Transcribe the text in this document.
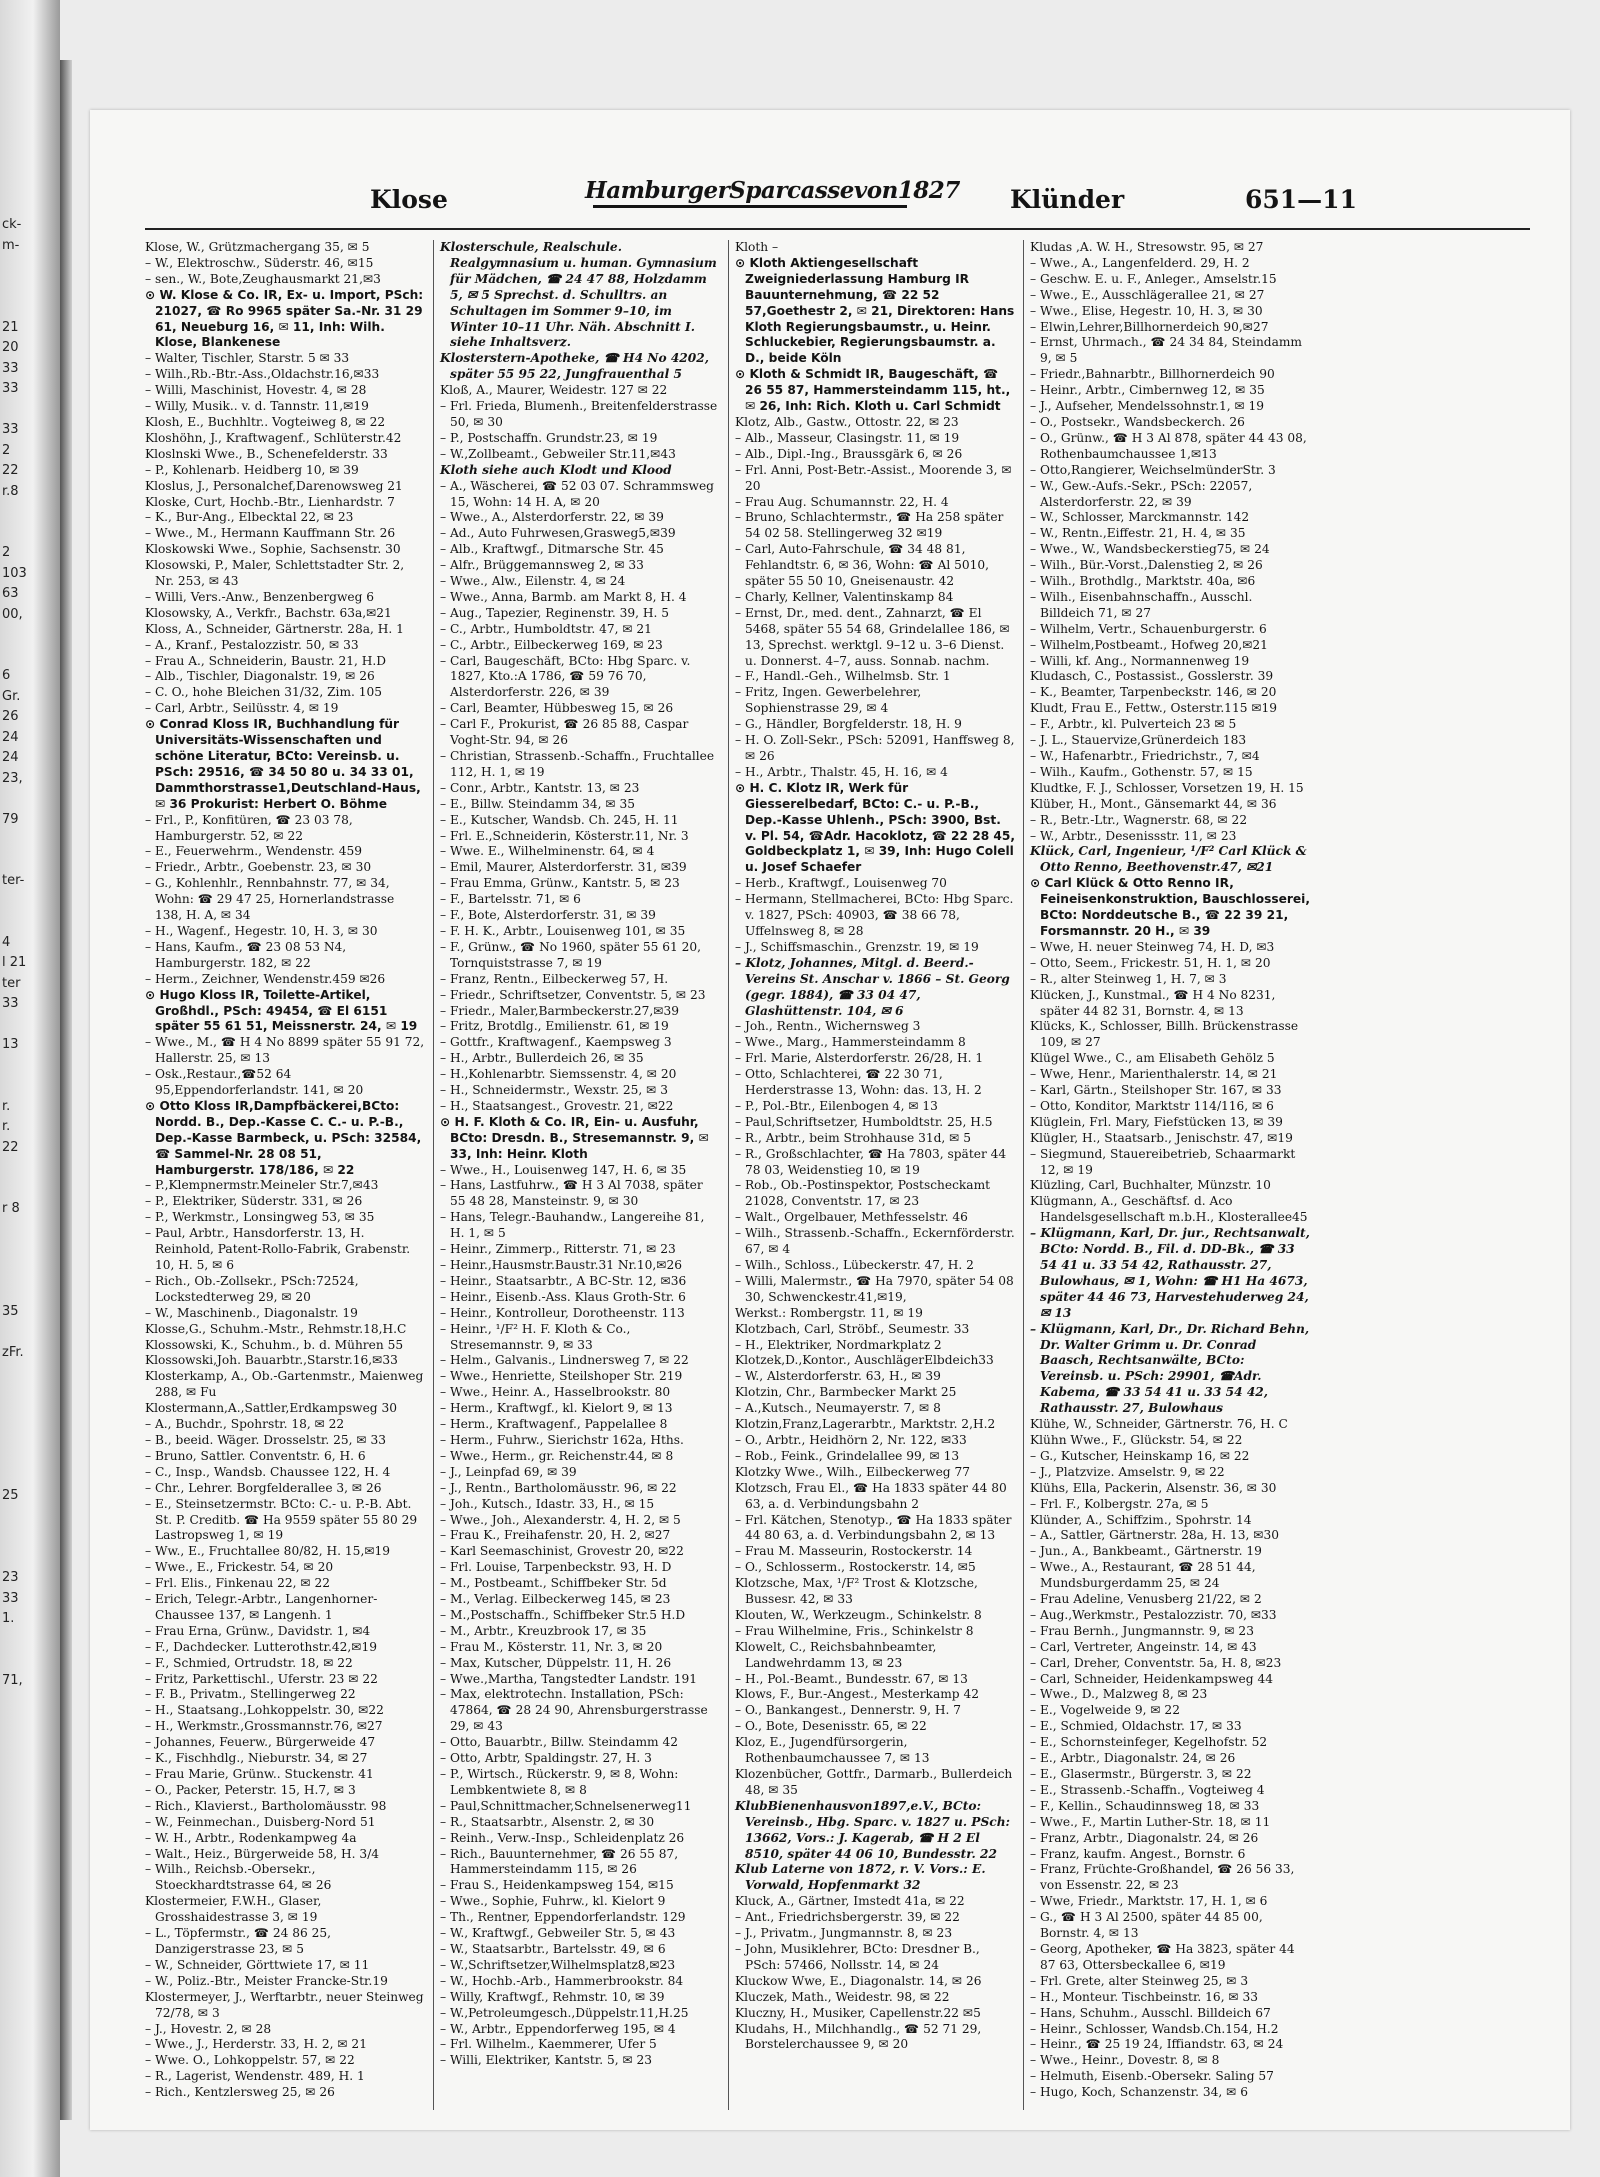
ck-
m-

21
20
33
33

33
2
22
r.8

2
103
63
00,

6
Gr.
26
24
24
23,

79

ter-

4
l 21
ter
33

13

r.
r.
22

r 8

35

zFr.

25

23
33
1.

71,
Klose	HamburgerSparcassevon1827 Klünder	651—11

Klose, W., Grützmachergang 35, ✉ 5

– W., Elektroschw., Süderstr. 46, ✉15

– sen., W., Bote,Zeughausmarkt 21,✉3

⊙ W. Klose & Co. IR, Ex- u. Import, PSch: 21027, ☎ Ro 9965 später Sa.-Nr. 31 29 61, Neueburg 16, ✉ 11, Inh: Wilh. Klose, Blankenese

– Walter, Tischler, Starstr. 5 ✉ 33

– Wilh.,Rb.-Btr.-Ass.,Oldachstr.16,✉33

– Willi, Maschinist, Hovestr. 4, ✉ 28

– Willy, Musik.. v. d. Tannstr. 11,✉19

Klosh, E., Buchhltr.. Vogteiweg 8, ✉ 22

Kloshöhn, J., Kraftwagenf., Schlüterstr.42

Kloslnski Wwe., B., Schenefelderstr. 33

– P., Kohlenarb. Heidberg 10, ✉ 39

Kloslus, J., Personalchef,Darenowsweg 21

Kloske, Curt, Hochb.-Btr., Lienhardstr. 7

– K., Bur-Ang., Elbecktal 22, ✉ 23

– Wwe., M., Hermann Kauffmann Str. 26

Kloskowski Wwe., Sophie, Sachsenstr. 30

Klosowski, P., Maler, Schlettstadter Str. 2, Nr. 253, ✉ 43

– Willi, Vers.-Anw., Benzenbergweg 6

Klosowsky, A., Verkfr., Bachstr. 63a,✉21

Kloss, A., Schneider, Gärtnerstr. 28a, H. 1

– A., Kranf., Pestalozzistr. 50, ✉ 33

– Frau A., Schneiderin, Baustr. 21, H.D

– Alb., Tischler, Diagonalstr. 19, ✉ 26

– C. O., hohe Bleichen 31/32, Zim. 105

– Carl, Arbtr., Seilüsstr. 4, ✉ 19

⊙ Conrad Kloss IR, Buchhandlung für Universitäts-Wissenschaften und schöne Literatur, BCto: Vereinsb. u. PSch: 29516, ☎ 34 50 80 u. 34 33 01, Dammthorstrasse1,Deutschland-Haus, ✉ 36 Prokurist: Herbert O. Böhme

– Frl., P., Konfitüren, ☎ 23 03 78, Hamburgerstr. 52, ✉ 22

– E., Feuerwehrm., Wendenstr. 459

– Friedr., Arbtr., Goebenstr. 23, ✉ 30

– G., Kohlenhlr., Rennbahnstr. 77, ✉ 34, Wohn: ☎ 29 47 25, Hornerlandstrasse 138, H. A, ✉ 34

– H., Wagenf., Hegestr. 10, H. 3, ✉ 30

– Hans, Kaufm., ☎ 23 08 53 N4, Hamburgerstr. 182, ✉ 22

– Herm., Zeichner, Wendenstr.459 ✉26

⊙ Hugo Kloss IR, Toilette-Artikel, Großhdl., PSch: 49454, ☎ El 6151 später 55 61 51, Meissnerstr. 24, ✉ 19

– Wwe., M., ☎ H 4 No 8899 später 55 91 72, Hallerstr. 25, ✉ 13

– Osk.,Restaur.,☎52 64 95,Eppendorferlandstr. 141, ✉ 20

⊙ Otto Kloss IR,Dampfbäckerei,BCto: Nordd. B., Dep.-Kasse C. C.- u. P.-B., Dep.-Kasse Barmbeck, u. PSch: 32584, ☎ Sammel-Nr. 28 08 51, Hamburgerstr. 178/186, ✉ 22

– P.,Klempnermstr.Meineler Str.7,✉43

– P., Elektriker, Süderstr. 331, ✉ 26

– P., Werkmstr., Lonsingweg 53, ✉ 35

– Paul, Arbtr., Hansdorferstr. 13, H. Reinhold, Patent-Rollo-Fabrik, Grabenstr. 10, H. 5, ✉ 6

– Rich., Ob.-Zollsekr., PSch:72524, Lockstedterweg 29, ✉ 20

– W., Maschinenb., Diagonalstr. 19

Klosse,G., Schuhm.-Mstr., Rehmstr.18,H.C

Klossowski, K., Schuhm., b. d. Mühren 55

Klossowski,Joh. Bauarbtr.,Starstr.16,✉33

Klosterkamp, A., Ob.-Gartenmstr., Maienweg 288, ✉ Fu

Klostermann,A.,Sattler,Erdkampsweg 30

– A., Buchdr., Spohrstr. 18, ✉ 22

– B., beeid. Wäger. Drosselstr. 25, ✉ 33

– Bruno, Sattler. Conventstr. 6, H. 6

– C., Insp., Wandsb. Chaussee 122, H. 4

– Chr., Lehrer. Borgfelderallee 3, ✉ 26

– E., Steinsetzermstr. BCto: C.- u. P.-B. Abt. St. P. Creditb. ☎ Ha 9559 später 55 80 29 Lastropsweg 1, ✉ 19

– Ww., E., Fruchtallee 80/82, H. 15,✉19

– Wwe., E., Frickestr. 54, ✉ 20

– Frl. Elis., Finkenau 22, ✉ 22

– Erich, Telegr.-Arbtr., Langenhorner-Chaussee 137, ✉ Langenh. 1

– Frau Erna, Grünw., Davidstr. 1, ✉4

– F., Dachdecker. Lutterothstr.42,✉19

– F., Schmied, Ortrudstr. 18, ✉ 22

– Fritz, Parkettischl., Uferstr. 23 ✉ 22

– F. B., Privatm., Stellingerweg 22

– H., Staatsang.,Lohkoppelstr. 30, ✉22

– H., Werkmstr.,Grossmannstr.76, ✉27

– Johannes, Feuerw., Bürgerweide 47

– K., Fischhdlg., Nieburstr. 34, ✉ 27

– Frau Marie, Grünw.. Stuckenstr. 41

– O., Packer, Peterstr. 15, H.7, ✉ 3

– Rich., Klavierst., Bartholomäusstr. 98

– W., Feinmechan., Duisberg-Nord 51

– W. H., Arbtr., Rodenkampweg 4a

– Walt., Heiz., Bürgerweide 58, H. 3/4

– Wilh., Reichsb.-Obersekr., Stoeckhardtstrasse 64, ✉ 26

Klostermeier, F.W.H., Glaser, Grosshaidestrasse 3, ✉ 19

– L., Töpfermstr., ☎ 24 86 25, Danzigerstrasse 23, ✉ 5

– W., Schneider, Görttwiete 17, ✉ 11

– W., Poliz.-Btr., Meister Francke-Str.19

Klostermeyer, J., Werftarbtr., neuer Steinweg 72/78, ✉ 3

– J., Hovestr. 2, ✉ 28

– Wwe., J., Herderstr. 33, H. 2, ✉ 21

– Wwe. O., Lohkoppelstr. 57, ✉ 22

– R., Lagerist, Wendenstr. 489, H. 1

– Rich., Kentzlersweg 25, ✉ 26

Klosterschule, Realschule. Realgymnasium u. human. Gymnasium für Mädchen, ☎ 24 47 88, Holzdamm 5, ✉ 5 Sprechst. d. Schulltrs. an Schultagen im Sommer 9–10, im Winter 10–11 Uhr. Näh. Abschnitt I. siehe Inhaltsverz.

Klosterstern-Apotheke, ☎ H4 No 4202, später 55 95 22, Jungfrauenthal 5

Kloß, A., Maurer, Weidestr. 127 ✉ 22

– Frl. Frieda, Blumenh., Breitenfelderstrasse 50, ✉ 30

– P., Postschaffn. Grundstr.23, ✉ 19

– W.,Zollbeamt., Gebweiler Str.11,✉43

Kloth siehe auch Klodt und Klood

– A., Wäscherei, ☎ 52 03 07. Schrammsweg 15, Wohn: 14 H. A, ✉ 20

– Wwe., A., Alsterdorferstr. 22, ✉ 39

– Ad., Auto Fuhrwesen,Grasweg5,✉39

– Alb., Kraftwgf., Ditmarsche Str. 45

– Alfr., Brüggemannsweg 2, ✉ 33

– Wwe., Alw., Eilenstr. 4, ✉ 24

– Wwe., Anna, Barmb. am Markt 8, H. 4

– Aug., Tapezier, Reginenstr. 39, H. 5

– C., Arbtr., Humboldtstr. 47, ✉ 21

– C., Arbtr., Eilbeckerweg 169, ✉ 23

– Carl, Baugeschäft, BCto: Hbg Sparc. v. 1827, Kto.:A 1786, ☎ 59 76 70, Alsterdorferstr. 226, ✉ 39

– Carl, Beamter, Hübbesweg 15, ✉ 26

– Carl F., Prokurist, ☎ 26 85 88, Caspar Voght-Str. 94, ✉ 26

– Christian, Strassenb.-Schaffn., Fruchtallee 112, H. 1, ✉ 19

– Conr., Arbtr., Kantstr. 13, ✉ 23

– E., Billw. Steindamm 34, ✉ 35

– E., Kutscher, Wandsb. Ch. 245, H. 11

– Frl. E.,Schneiderin, Kösterstr.11, Nr. 3

– Wwe. E., Wilhelminenstr. 64, ✉ 4

– Emil, Maurer, Alsterdorferstr. 31, ✉39

– Frau Emma, Grünw., Kantstr. 5, ✉ 23

– F., Bartelsstr. 71, ✉ 6

– F., Bote, Alsterdorferstr. 31, ✉ 39

– F. H. K., Arbtr., Louisenweg 101, ✉ 35

– F., Grünw., ☎ No 1960, später 55 61 20, Tornquiststrasse 7, ✉ 19

– Franz, Rentn., Eilbeckerweg 57, H.

– Friedr., Schriftsetzer, Conventstr. 5, ✉ 23

– Friedr., Maler,Barmbeckerstr.27,✉39

– Fritz, Brotdlg., Emilienstr. 61, ✉ 19

– Gottfr., Kraftwagenf., Kaempsweg 3

– H., Arbtr., Bullerdeich 26, ✉ 35

– H.,Kohlenarbtr. Siemssenstr. 4, ✉ 20

– H., Schneidermstr., Wexstr. 25, ✉ 3

– H., Staatsangest., Grovestr. 21, ✉22

⊙ H. F. Kloth & Co. IR, Ein- u. Ausfuhr, BCto: Dresdn. B., Stresemannstr. 9, ✉ 33, Inh: Heinr. Kloth

– Wwe., H., Louisenweg 147, H. 6, ✉ 35

– Hans, Lastfuhrw., ☎ H 3 Al 7038, später 55 48 28, Mansteinstr. 9, ✉ 30

– Hans, Telegr.-Bauhandw., Langereihe 81, H. 1, ✉ 5

– Heinr., Zimmerp., Ritterstr. 71, ✉ 23

– Heinr.,Hausmstr.Baustr.31 Nr.10,✉26

– Heinr., Staatsarbtr., A BC-Str. 12, ✉36

– Heinr., Eisenb.-Ass. Klaus Groth-Str. 6

– Heinr., Kontrolleur, Dorotheenstr. 113

– Heinr., ¹/F² H. F. Kloth & Co., Stresemannstr. 9, ✉ 33

– Helm., Galvanis., Lindnersweg 7, ✉ 22

– Wwe., Henriette, Steilshoper Str. 219

– Wwe., Heinr. A., Hasselbrookstr. 80

– Herm., Kraftwgf., kl. Kielort 9, ✉ 13

– Herm., Kraftwagenf., Pappelallee 8

– Herm., Fuhrw., Sierichstr 162a, Hths.

– Wwe., Herm., gr. Reichenstr.44, ✉ 8

– J., Leinpfad 69, ✉ 39

– J., Rentn., Bartholomäusstr. 96, ✉ 22

– Joh., Kutsch., Idastr. 33, H., ✉ 15

– Wwe., Joh., Alexanderstr. 4, H. 2, ✉ 5

– Frau K., Freihafenstr. 20, H. 2, ✉27

– Karl Seemaschinist, Grovestr 20, ✉22

– Frl. Louise, Tarpenbeckstr. 93, H. D

– M., Postbeamt., Schiffbeker Str. 5d

– M., Verlag. Eilbeckerweg 145, ✉ 23

– M.,Postschaffn., Schiffbeker Str.5 H.D

– M., Arbtr., Kreuzbrook 17, ✉ 35

– Frau M., Kösterstr. 11, Nr. 3, ✉ 20

– Max, Kutscher, Düppelstr. 11, H. 26

– Wwe.,Martha, Tangstedter Landstr. 191

– Max, elektrotechn. Installation, PSch: 47864, ☎ 28 24 90, Ahrensburgerstrasse 29, ✉ 43

– Otto, Bauarbtr., Billw. Steindamm 42

– Otto, Arbtr, Spaldingstr. 27, H. 3

– P., Wirtsch., Rückerstr. 9, ✉ 8, Wohn: Lembkentwiete 8, ✉ 8

– Paul,Schnittmacher,Schnelsenerweg11

– R., Staatsarbtr., Alsenstr. 2, ✉ 30

– Reinh., Verw.-Insp., Schleidenplatz 26

– Rich., Bauunternehmer, ☎ 26 55 87, Hammersteindamm 115, ✉ 26

– Frau S., Heidenkampsweg 154, ✉15

– Wwe., Sophie, Fuhrw., kl. Kielort 9

– Th., Rentner, Eppendorferlandstr. 129

– W., Kraftwgf., Gebweiler Str. 5, ✉ 43

– W., Staatsarbtr., Bartelsstr. 49, ✉ 6

– W.,Schriftsetzer,Wilhelmsplatz8,✉23

– W., Hochb.-Arb., Hammerbrookstr. 84

– Willy, Kraftwgf., Rehmstr. 10, ✉ 39

– W.,Petroleumgesch.,Düppelstr.11,H.25

– W., Arbtr., Eppendorferweg 195, ✉ 4

– Frl. Wilhelm., Kaemmerer, Ufer 5

– Willi, Elektriker, Kantstr. 5, ✉ 23

Kloth –

⊙ Kloth Aktiengesellschaft Zweigniederlassung Hamburg IR Bauunternehmung, ☎ 22 52 57,Goethestr 2, ✉ 21, Direktoren: Hans Kloth Regierungsbaumstr., u. Heinr. Schluckebier, Regierungsbaumstr. a. D., beide Köln

⊙ Kloth & Schmidt IR, Baugeschäft, ☎ 26 55 87, Hammersteindamm 115, ht., ✉ 26, Inh: Rich. Kloth u. Carl Schmidt

Klotz, Alb., Gastw., Ottostr. 22, ✉ 23

– Alb., Masseur, Clasingstr. 11, ✉ 19

– Alb., Dipl.-Ing., Braussgärk 6, ✉ 26

– Frl. Anni, Post-Betr.-Assist., Moorende 3, ✉ 20

– Frau Aug. Schumannstr. 22, H. 4

– Bruno, Schlachtermstr., ☎ Ha 258 später 54 02 58. Stellingerweg 32 ✉19

– Carl, Auto-Fahrschule, ☎ 34 48 81, Fehlandtstr. 6, ✉ 36, Wohn: ☎ Al 5010, später 55 50 10, Gneisenaustr. 42

– Charly, Kellner, Valentinskamp 84

– Ernst, Dr., med. dent., Zahnarzt, ☎ El 5468, später 55 54 68, Grindelallee 186, ✉ 13, Sprechst. werktgl. 9–12 u. 3–6 Dienst. u. Donnerst. 4–7, auss. Sonnab. nachm.

– F., Handl.-Geh., Wilhelmsb. Str. 1

– Fritz, Ingen. Gewerbelehrer, Sophienstrasse 29, ✉ 4

– G., Händler, Borgfelderstr. 18, H. 9

– H. O. Zoll-Sekr., PSch: 52091, Hanffsweg 8, ✉ 26

– H., Arbtr., Thalstr. 45, H. 16, ✉ 4

⊙ H. C. Klotz IR, Werk für Giesserelbedarf, BCto: C.- u. P.-B., Dep.-Kasse Uhlenh., PSch: 3900, Bst. v. Pl. 54, ☎Adr. Hacoklotz, ☎ 22 28 45, Goldbeckplatz 1, ✉ 39, Inh: Hugo Colell u. Josef Schaefer

– Herb., Kraftwgf., Louisenweg 70

– Hermann, Stellmacherei, BCto: Hbg Sparc. v. 1827, PSch: 40903, ☎ 38 66 78, Uffelnsweg 8, ✉ 28

– J., Schiffsmaschin., Grenzstr. 19, ✉ 19

– Klotz, Johannes, Mitgl. d. Beerd.-Vereins St. Anschar v. 1866 – St. Georg (gegr. 1884), ☎ 33 04 47, Glashüttenstr. 104, ✉ 6

– Joh., Rentn., Wichernsweg 3

– Wwe., Marg., Hammersteindamm 8

– Frl. Marie, Alsterdorferstr. 26/28, H. 1

– Otto, Schlachterei, ☎ 22 30 71, Herderstrasse 13, Wohn: das. 13, H. 2

– P., Pol.-Btr., Eilenbogen 4, ✉ 13

– Paul,Schriftsetzer, Humboldtstr. 25, H.5

– R., Arbtr., beim Strohhause 31d, ✉ 5

– R., Großschlachter, ☎ Ha 7803, später 44 78 03, Weidenstieg 10, ✉ 19

– Rob., Ob.-Postinspektor, Postscheckamt 21028, Conventstr. 17, ✉ 23

– Walt., Orgelbauer, Methfesselstr. 46

– Wilh., Strassenb.-Schaffn., Eckernförderstr. 67, ✉ 4

– Wilh., Schloss., Lübeckerstr. 47, H. 2

– Willi, Malermstr., ☎ Ha 7970, später 54 08 30, Schwenckestr.41,✉19,

Werkst.: Rombergstr. 11, ✉ 19

Klotzbach, Carl, Ströbf., Seumestr. 33

– H., Elektriker, Nordmarkplatz 2

Klotzek,D.,Kontor., AuschlägerElbdeich33

– W., Alsterdorferstr. 63, H., ✉ 39

Klotzin, Chr., Barmbecker Markt 25

– A.,Kutsch., Neumayerstr. 7, ✉ 8

Klotzin,Franz,Lagerarbtr., Marktstr. 2,H.2

– O., Arbtr., Heidhörn 2, Nr. 122, ✉33

– Rob., Feink., Grindelallee 99, ✉ 13

Klotzky Wwe., Wilh., Eilbeckerweg 77

Klotzsch, Frau El., ☎ Ha 1833 später 44 80 63, a. d. Verbindungsbahn 2

– Frl. Kätchen, Stenotyp., ☎ Ha 1833 später 44 80 63, a. d. Verbindungsbahn 2, ✉ 13

– Frau M. Masseurin, Rostockerstr. 14

– O., Schlosserm., Rostockerstr. 14, ✉5

Klotzsche, Max, ¹/F² Trost & Klotzsche, Bussesr. 42, ✉ 33

Klouten, W., Werkzeugm., Schinkelstr. 8

– Frau Wilhelmine, Fris., Schinkelstr 8

Klowelt, C., Reichsbahnbeamter, Landwehrdamm 13, ✉ 23

– H., Pol.-Beamt., Bundesstr. 67, ✉ 13

Klows, F., Bur.-Angest., Mesterkamp 42

– O., Bankangest., Dennerstr. 9, H. 7

– O., Bote, Desenisstr. 65, ✉ 22

Kloz, E., Jugendfürsorgerin, Rothenbaumchaussee 7, ✉ 13

Klozenbücher, Gottfr., Darmarb., Bullerdeich 48, ✉ 35

KlubBienenhausvon1897,e.V., BCto: Vereinsb., Hbg. Sparc. v. 1827 u. PSch: 13662, Vors.: J. Kagerab, ☎ H 2 El 8510, später 44 06 10, Bundesstr. 22

Klub Laterne von 1872, r. V. Vors.: E. Vorwald, Hopfenmarkt 32

Kluck, A., Gärtner, Imstedt 41a, ✉ 22

– Ant., Friedrichsbergerstr. 39, ✉ 22

– J., Privatm., Jungmannstr. 8, ✉ 23

– John, Musiklehrer, BCto: Dresdner B., PSch: 57466, Nollsstr. 14, ✉ 24

Kluckow Wwe, E., Diagonalstr. 14, ✉ 26

Kluczek, Math., Weidestr. 98, ✉ 22

Kluczny, H., Musiker, Capellenstr.22 ✉5

Kludahs, H., Milchhandlg., ☎ 52 71 29, Borstelerchaussee 9, ✉ 20

Kludas ,A. W. H., Stresowstr. 95, ✉ 27

– Wwe., A., Langenfelderd. 29, H. 2

– Geschw. E. u. F., Anleger., Amselstr.15

– Wwe., E., Ausschlägerallee 21, ✉ 27

– Wwe., Elise, Hegestr. 10, H. 3, ✉ 30

– Elwin,Lehrer,Billhornerdeich 90,✉27

– Ernst, Uhrmach., ☎ 24 34 84, Steindamm 9, ✉ 5

– Friedr.,Bahnarbtr., Billhornerdeich 90

– Heinr., Arbtr., Cimbernweg 12, ✉ 35

– J., Aufseher, Mendelssohnstr.1, ✉ 19

– O., Postsekr., Wandsbeckerch. 26

– O., Grünw., ☎ H 3 Al 878, später 44 43 08, Rothenbaumchaussee 1,✉13

– Otto,Rangierer, WeichselmünderStr. 3

– W., Gew.-Aufs.-Sekr., PSch: 22057, Alsterdorferstr. 22, ✉ 39

– W., Schlosser, Marckmannstr. 142

– W., Rentn.,Eiffestr. 21, H. 4, ✉ 35

– Wwe., W., Wandsbeckerstieg75, ✉ 24

– Wilh., Bür.-Vorst.,Dalenstieg 2, ✉ 26

– Wilh., Brothdlg., Marktstr. 40a, ✉6

– Wilh., Eisenbahnschaffn., Ausschl. Billdeich 71, ✉ 27

– Wilhelm, Vertr., Schauenburgerstr. 6

– Wilhelm,Postbeamt., Hofweg 20,✉21

– Willi, kf. Ang., Normannenweg 19

Kludasch, C., Postassist., Gosslerstr. 39

– K., Beamter, Tarpenbeckstr. 146, ✉ 20

Kludt, Frau E., Fettw., Osterstr.115 ✉19

– F., Arbtr., kl. Pulverteich 23 ✉ 5

– J. L., Stauervize,Grünerdeich 183

– W., Hafenarbtr., Friedrichstr., 7, ✉4

– Wilh., Kaufm., Gothenstr. 57, ✉ 15

Kludtke, F. J., Schlosser, Vorsetzen 19, H. 15

Klüber, H., Mont., Gänsemarkt 44, ✉ 36

– R., Betr.-Ltr., Wagnerstr. 68, ✉ 22

– W., Arbtr., Desenissstr. 11, ✉ 23

Klück, Carl, Ingenieur, ¹/F² Carl Klück & Otto Renno, Beethovenstr.47, ✉21

⊙ Carl Klück & Otto Renno IR, Feineisenkonstruktion, Bauschlosserei, BCto: Norddeutsche B., ☎ 22 39 21, Forsmannstr. 20 H., ✉ 39

– Wwe, H. neuer Steinweg 74, H. D, ✉3

– Otto, Seem., Frickestr. 51, H. 1, ✉ 20

– R., alter Steinweg 1, H. 7, ✉ 3

Klücken, J., Kunstmal., ☎ H 4 No 8231, später 44 82 31, Bornstr. 4, ✉ 13

Klücks, K., Schlosser, Billh. Brückenstrasse 109, ✉ 27

Klügel Wwe., C., am Elisabeth Gehölz 5

– Wwe, Henr., Marienthalerstr. 14, ✉ 21

– Karl, Gärtn., Steilshoper Str. 167, ✉ 33

– Otto, Konditor, Marktstr 114/116, ✉ 6

Klüglein, Frl. Mary, Fiefstücken 13, ✉ 39

Klügler, H., Staatsarb., Jenischstr. 47, ✉19

– Siegmund, Stauereibetrieb, Schaarmarkt 12, ✉ 19

Klüzling, Carl, Buchhalter, Münzstr. 10

Klügmann, A., Geschäftsf. d. Aco Handelsgesellschaft m.b.H., Klosterallee45

– Klügmann, Karl, Dr. jur., Rechtsanwalt, BCto: Nordd. B., Fil. d. DD-Bk., ☎ 33 54 41 u. 33 54 42, Rathausstr. 27, Bulowhaus, ✉ 1, Wohn: ☎ H1 Ha 4673, später 44 46 73, Harvestehuderweg 24, ✉ 13

– Klügmann, Karl, Dr., Dr. Richard Behn, Dr. Walter Grimm u. Dr. Conrad Baasch, Rechtsanwälte, BCto: Vereinsb. u. PSch: 29901, ☎Adr. Kabema, ☎ 33 54 41 u. 33 54 42, Rathausstr. 27, Bulowhaus

Klühe, W., Schneider, Gärtnerstr. 76, H. C

Klühn Wwe., F., Glückstr. 54, ✉ 22

– G., Kutscher, Heinskamp 16, ✉ 22

– J., Platzvize. Amselstr. 9, ✉ 22

Klühs, Ella, Packerin, Alsenstr. 36, ✉ 30

– Frl. F., Kolbergstr. 27a, ✉ 5

Klünder, A., Schiffzim., Spohrstr. 14

– A., Sattler, Gärtnerstr. 28a, H. 13, ✉30

– Jun., A., Bankbeamt., Gärtnerstr. 19

– Wwe., A., Restaurant, ☎ 28 51 44, Mundsburgerdamm 25, ✉ 24

– Frau Adeline, Venusberg 21/22, ✉ 2

– Aug.,Werkmstr., Pestalozzistr. 70, ✉33

– Frau Bernh., Jungmannstr. 9, ✉ 23

– Carl, Vertreter, Angeinstr. 14, ✉ 43

– Carl, Dreher, Conventstr. 5a, H. 8, ✉23

– Carl, Schneider, Heidenkampsweg 44

– Wwe., D., Malzweg 8, ✉ 23

– E., Vogelweide 9, ✉ 22

– E., Schmied, Oldachstr. 17, ✉ 33

– E., Schornsteinfeger, Kegelhofstr. 52

– E., Arbtr., Diagonalstr. 24, ✉ 26

– E., Glasermstr., Bürgerstr. 3, ✉ 22

– E., Strassenb.-Schaffn., Vogteiweg 4

– F., Kellin., Schaudinnsweg 18, ✉ 33

– Wwe., F., Martin Luther-Str. 18, ✉ 11

– Franz, Arbtr., Diagonalstr. 24, ✉ 26

– Franz, kaufm. Angest., Bornstr. 6

– Franz, Früchte-Großhandel, ☎ 26 56 33, von Essenstr. 22, ✉ 23

– Wwe, Friedr., Marktstr. 17, H. 1, ✉ 6

– G., ☎ H 3 Al 2500, später 44 85 00, Bornstr. 4, ✉ 13

– Georg, Apotheker, ☎ Ha 3823, später 44 87 63, Ottersbeckallee 6, ✉19

– Frl. Grete, alter Steinweg 25, ✉ 3

– H., Monteur. Tischbeinstr. 16, ✉ 33

– Hans, Schuhm., Ausschl. Billdeich 67

– Heinr., Schlosser, Wandsb.Ch.154, H.2

– Heinr., ☎ 25 19 24, Iffiandstr. 63, ✉ 24

– Wwe., Heinr., Dovestr. 8, ✉ 8

– Helmuth, Eisenb.-Obersekr. Saling 57

– Hugo, Koch, Schanzenstr. 34, ✉ 6
